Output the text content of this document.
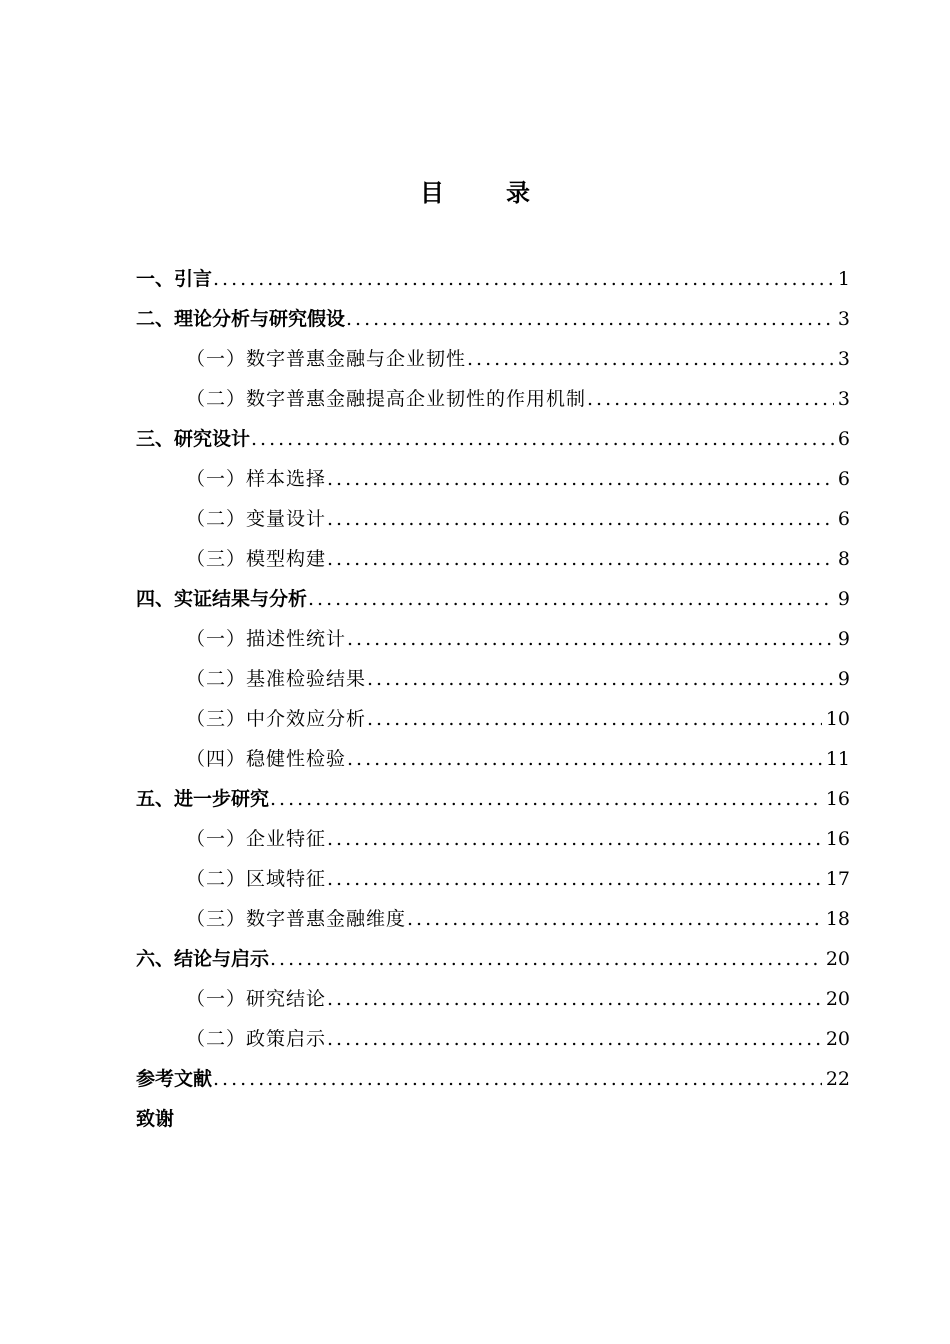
目	录
一、引言 .....	1
二、理论分析与研究假设 .....	3
（一）数字普惠金融与企业韧性 .....	3
（二）数字普惠金融提高企业韧性的作用机制 .....	3
三、研究设计 .....	6
（一）样本选择 .....	6
（二）变量设计 .....	6
（三）模型构建 .....	8
四、实证结果与分析 .....	9
（一）描述性统计 .....	9
（二）基准检验结果 .....	9
（三）中介效应分析 .....	10
（四）稳健性检验 .....	11
五、进一步研究 .....	16
（一）企业特征 .....	16
（二）区域特征 .....	17
（三）数字普惠金融维度 .....	18
六、结论与启示 .....	20
（一）研究结论 .....	20
（二）政策启示 .....	20
参考文献 .....	22
致谢
